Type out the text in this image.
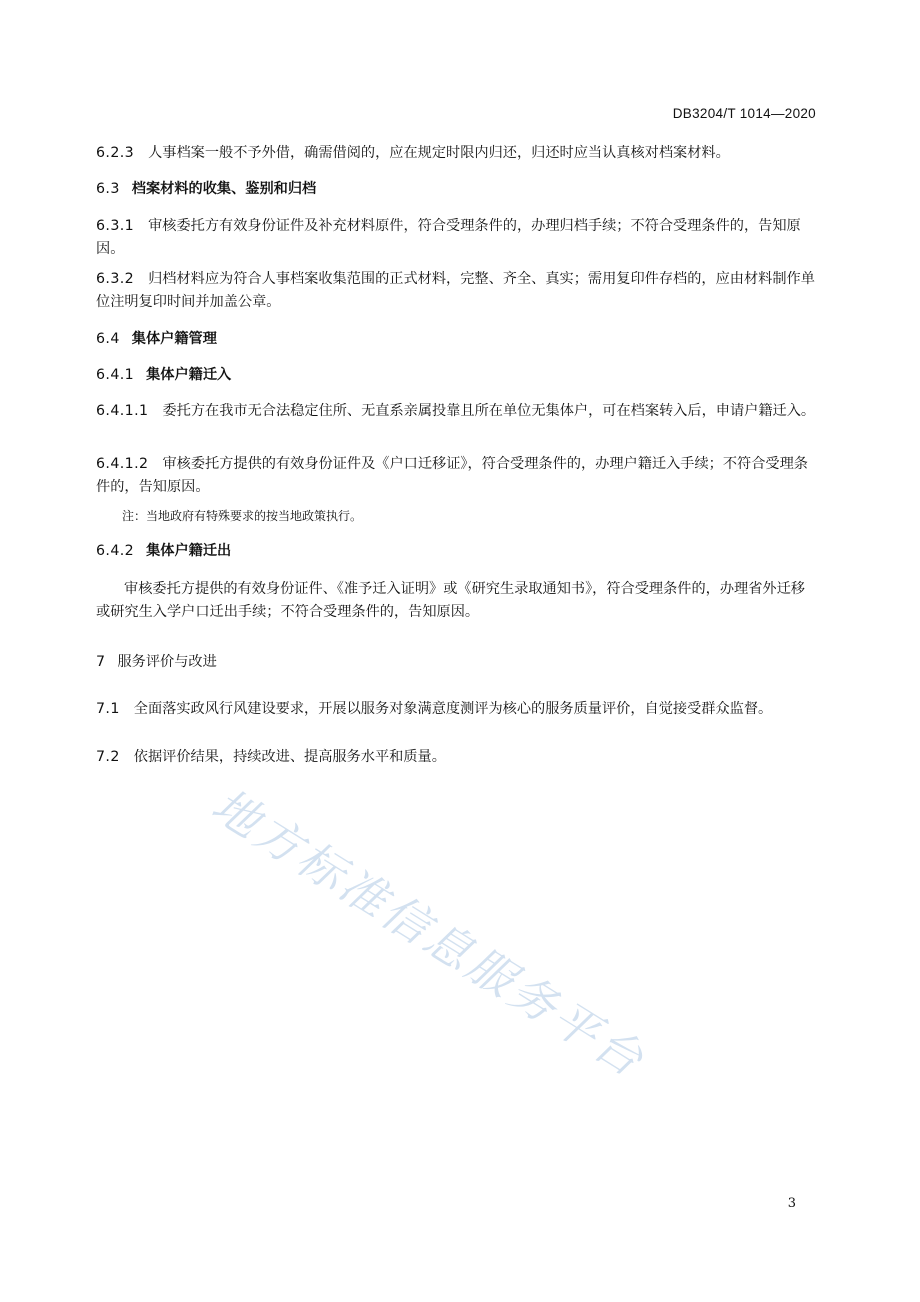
DB3204/T 1014—2020
6.2.3 人事档案一般不予外借，确需借阅的，应在规定时限内归还，归还时应当认真核对档案材料。
6.3 档案材料的收集、鉴别和归档
6.3.1 审核委托方有效身份证件及补充材料原件，符合受理条件的，办理归档手续；不符合受理条件的，告知原因。
6.3.2 归档材料应为符合人事档案收集范围的正式材料，完整、齐全、真实；需用复印件存档的，应由材料制作单位注明复印时间并加盖公章。
6.4 集体户籍管理
6.4.1 集体户籍迁入
6.4.1.1 委托方在我市无合法稳定住所、无直系亲属投靠且所在单位无集体户，可在档案转入后，申请户籍迁入。
6.4.1.2 审核委托方提供的有效身份证件及《户口迁移证》，符合受理条件的，办理户籍迁入手续；不符合受理条件的，告知原因。
注：当地政府有特殊要求的按当地政策执行。
6.4.2 集体户籍迁出
审核委托方提供的有效身份证件、《准予迁入证明》或《研究生录取通知书》，符合受理条件的，办理省外迁移或研究生入学户口迁出手续；不符合受理条件的，告知原因。
7 服务评价与改进
7.1 全面落实政风行风建设要求，开展以服务对象满意度测评为核心的服务质量评价，自觉接受群众监督。
7.2 依据评价结果，持续改进、提高服务水平和质量。
地方标准信息服务平台
3
